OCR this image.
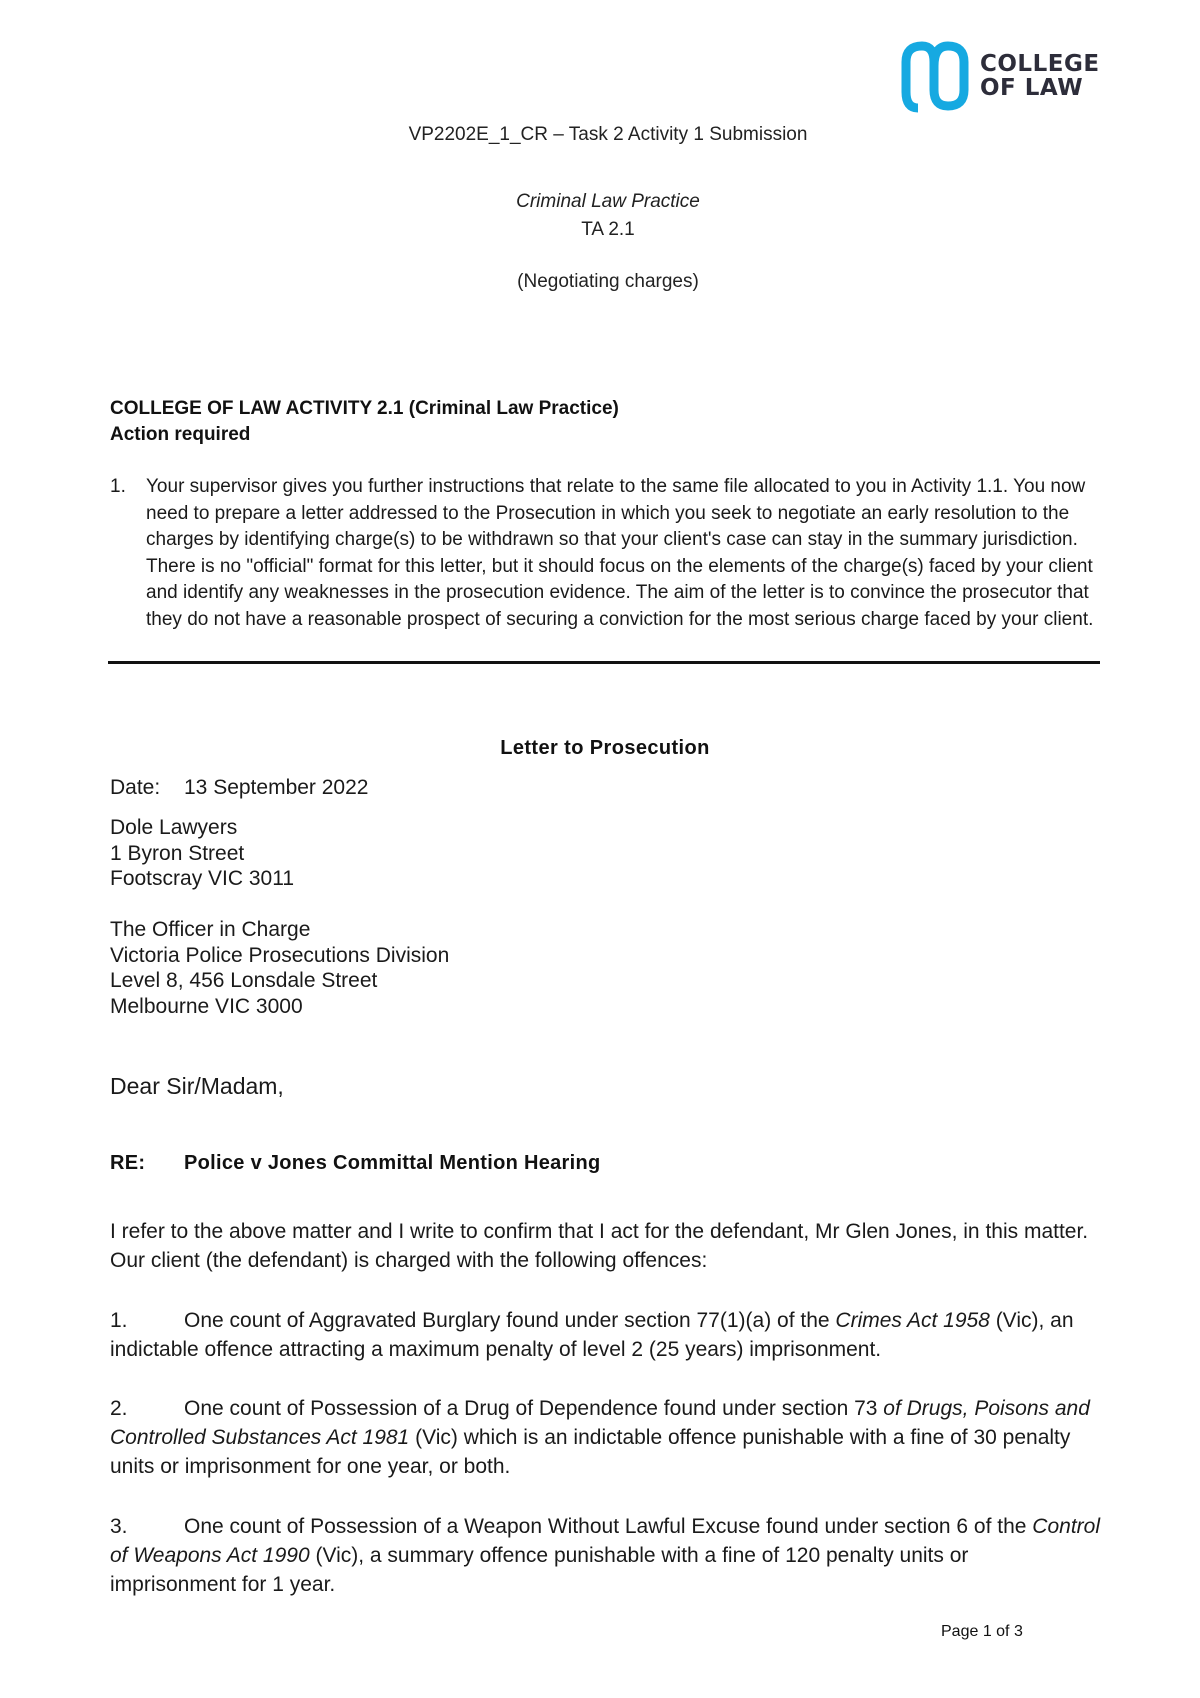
COLLEGE
OF LAW
VP2202E_1_CR – Task 2 Activity 1 Submission
Criminal Law Practice
TA 2.1
(Negotiating charges)
COLLEGE OF LAW ACTIVITY 2.1 (Criminal Law Practice)
Action required
1. Your supervisor gives you further instructions that relate to the same file allocated to you in Activity 1.1. You now need to prepare a letter addressed to the Prosecution in which you seek to negotiate an early resolution to the charges by identifying charge(s) to be withdrawn so that your client's case can stay in the summary jurisdiction. There is no "official" format for this letter, but it should focus on the elements of the charge(s) faced by your client and identify any weaknesses in the prosecution evidence. The aim of the letter is to convince the prosecutor that they do not have a reasonable prospect of securing a conviction for the most serious charge faced by your client.
Letter to Prosecution
Date: 13 September 2022
Dole Lawyers
1 Byron Street
Footscray VIC 3011
The Officer in Charge
Victoria Police Prosecutions Division
Level 8, 456 Lonsdale Street
Melbourne VIC 3000
Dear Sir/Madam,
RE: Police v Jones Committal Mention Hearing
I refer to the above matter and I write to confirm that I act for the defendant, Mr Glen Jones, in this matter. Our client (the defendant) is charged with the following offences:
1.	One count of Aggravated Burglary found under section 77(1)(a) of the Crimes Act 1958 (Vic), an indictable offence attracting a maximum penalty of level 2 (25 years) imprisonment.
2.	One count of Possession of a Drug of Dependence found under section 73 of Drugs, Poisons and Controlled Substances Act 1981 (Vic) which is an indictable offence punishable with a fine of 30 penalty units or imprisonment for one year, or both.
3.	One count of Possession of a Weapon Without Lawful Excuse found under section 6 of the Control of Weapons Act 1990 (Vic), a summary offence punishable with a fine of 120 penalty units or imprisonment for 1 year.
Page 1 of 3
